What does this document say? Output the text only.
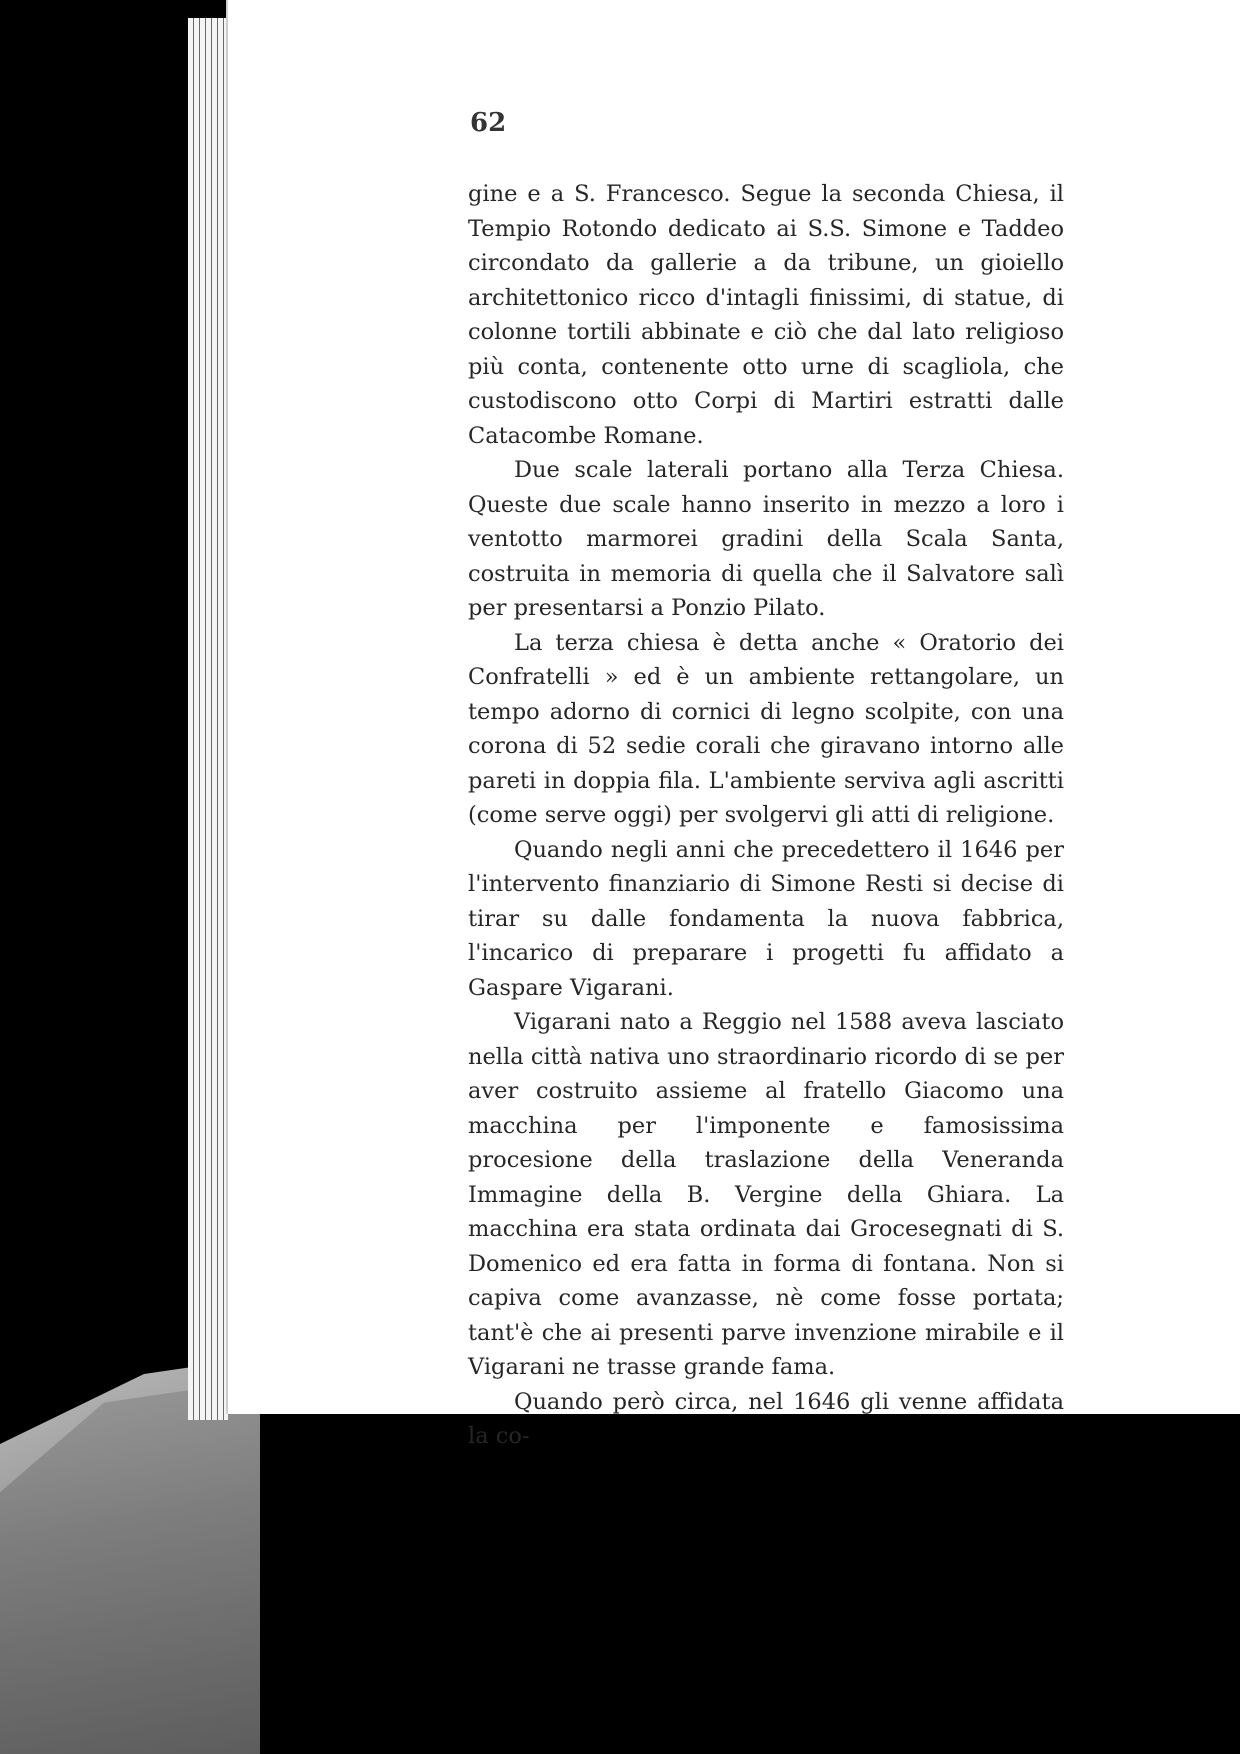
62

gine e a S. Francesco. Segue la seconda Chiesa, il Tempio Rotondo dedicato ai S.S. Simone e Taddeo circondato da gallerie a da tribune, un gioiello architettonico ricco d'intagli finissimi, di statue, di colonne tortili abbinate e ciò che dal lato religioso più conta, contenente otto urne di scagliola, che custodiscono otto Corpi di Martiri estratti dalle Catacombe Romane.

Due scale laterali portano alla Terza Chiesa. Queste due scale hanno inserito in mezzo a loro i ventotto marmorei gradini della Scala Santa, costruita in memoria di quella che il Salvatore salì per presentarsi a Ponzio Pilato.

La terza chiesa è detta anche « Oratorio dei Confratelli » ed è un ambiente rettangolare, un tempo adorno di cornici di legno scolpite, con una corona di 52 sedie corali che giravano intorno alle pareti in doppia fila. L'ambiente serviva agli ascritti (come serve oggi) per svolgervi gli atti di religione.

Quando negli anni che precedettero il 1646 per l'intervento finanziario di Simone Resti si decise di tirar su dalle fondamenta la nuova fabbrica, l'incarico di preparare i progetti fu affidato a Gaspare Vigarani.

Vigarani nato a Reggio nel 1588 aveva lasciato nella città nativa uno straordinario ricordo di se per aver costruito assieme al fratello Giacomo una macchina per l'imponente e famosissima procesione della traslazione della Veneranda Immagine della B. Vergine della Ghiara. La macchina era stata ordinata dai Grocesegnati di S. Domenico ed era fatta in forma di fontana. Non si capiva come avanzasse, nè come fosse portata; tant'è che ai presenti parve invenzione mirabile e il Vigarani ne trasse grande fama.

Quando però circa, nel 1646 gli venne affidata la co-
